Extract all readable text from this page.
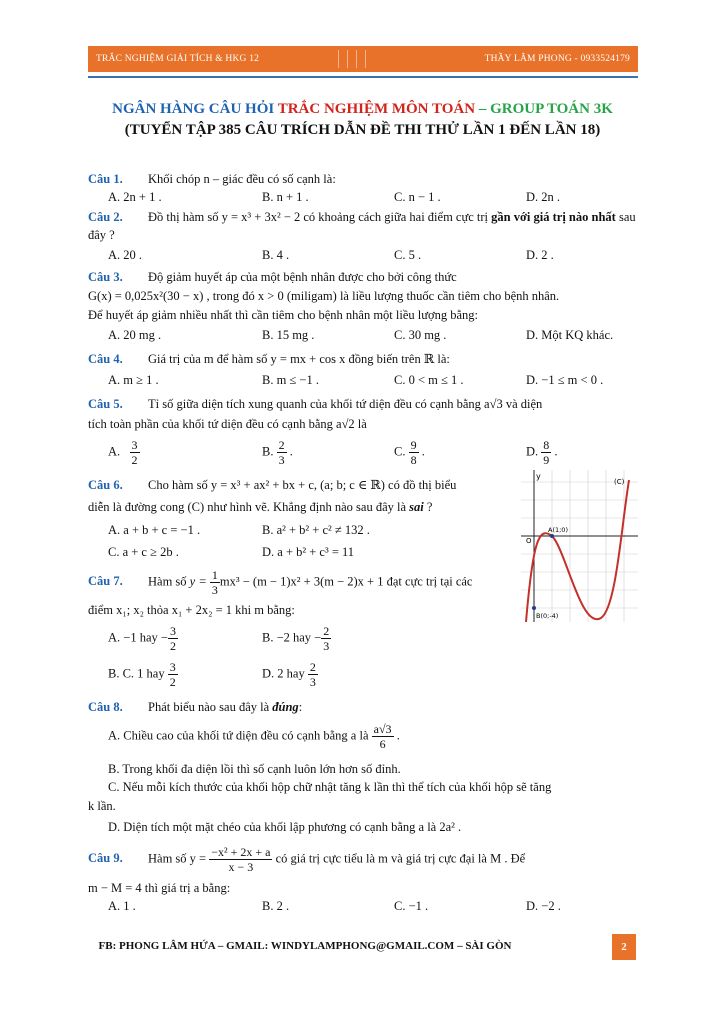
TRẮC NGHIỆM GIẢI TÍCH & HKG 12	THẦY LÂM PHONG - 0933524179
NGÂN HÀNG CÂU HỎI TRẮC NGHIỆM MÔN TOÁN – GROUP TOÁN 3K
(TUYỂN TẬP 385 CÂU TRÍCH DẪN ĐỀ THI THỬ LẦN 1 ĐẾN LẦN 18)
Câu 1. Khối chóp n – giác đều có số cạnh là:
A. 2n + 1 .	B. n + 1 .	C. n − 1 .	D. 2n .
Câu 2. Đồ thị hàm số y = x³ + 3x² − 2 có khoảng cách giữa hai điểm cực trị gần với giá trị nào nhất sau đây ?
A. 20 .	B. 4 .	C. 5 .	D. 2 .
Câu 3. Độ giảm huyết áp của một bệnh nhân được cho bởi công thức
G(x) = 0,025x²(30 − x) , trong đó x > 0 (miligam) là liều lượng thuốc cần tiêm cho bệnh nhân.
Để huyết áp giảm nhiều nhất thì cần tiêm cho bệnh nhân một liều lượng bằng:
A. 20 mg .	B. 15 mg .	C. 30 mg .	D. Một KQ khác.
Câu 4. Giá trị của m để hàm số y = mx + cos x đồng biến trên ℝ là:
A. m ≥ 1 .	B. m ≤ −1 .	C. 0 < m ≤ 1 .	D. −1 ≤ m < 0 .
Câu 5. Tỉ số giữa diện tích xung quanh của khối tứ diện đều có cạnh bằng a√3 và diện
tích toàn phần của khối tứ diện đều có cạnh bằng a√2 là
A. $\frac{3}{2}$	B. $\frac{2}{3}$ .	C. $\frac{9}{8}$ .	D. $\frac{8}{9}$ .
Câu 6. Cho hàm số y = x³ + ax² + bx + c, (a; b; c ∈ ℝ) có đồ thị biểu
diễn là đường cong (C) như hình vẽ. Khẳng định nào sau đây là sai ?
A. a + b + c = −1 .	B. a² + b² + c² ≠ 132 .
C. a + c ≥ 2b .	D. a + b² + c³ = 11
y
(C)
O
A(1;0)
B(0;-4)
Câu 7. Hàm số $y = \frac{1}{3} mx^3 - (m - 1)x^2 + 3(m - 2)x + 1$ đạt cực trị tại các
điểm x₁; x₂ thỏa x₁ + 2x₂ = 1 khi m bằng:
A. −1 hay − $\frac{3}{2}$	B. −2 hay − $\frac{2}{3}$
B. C. 1 hay $\frac{3}{2}$	D. 2 hay $\frac{2}{3}$
Câu 8. Phát biểu nào sau đây là đúng:
A. Chiều cao của khối tứ diện đều có cạnh bằng a là $\frac{a√3}{6}$ .
B. Trong khối đa diện lồi thì số cạnh luôn lớn hơn số đỉnh.
C. Nếu mỗi kích thước của khối hộp chữ nhật tăng k lần thì thể tích của khối hộp sẽ tăng
k lần.
D. Diện tích một mặt chéo của khối lập phương có cạnh bằng a là 2a² .
Câu 9. Hàm số $y = \frac{\text{−x² + 2x + a}}{x - 3}$ có giá trị cực tiểu là m và giá trị cực đại là M . Để
m − M = 4 thì giá trị a bằng:
A. 1 .	B. 2 .	C. −1 .	D. −2 .
FB: PHONG LÂM HỨA – GMAIL: WINDYLAMPHONG@GMAIL.COM – SÀI GÒN	2
